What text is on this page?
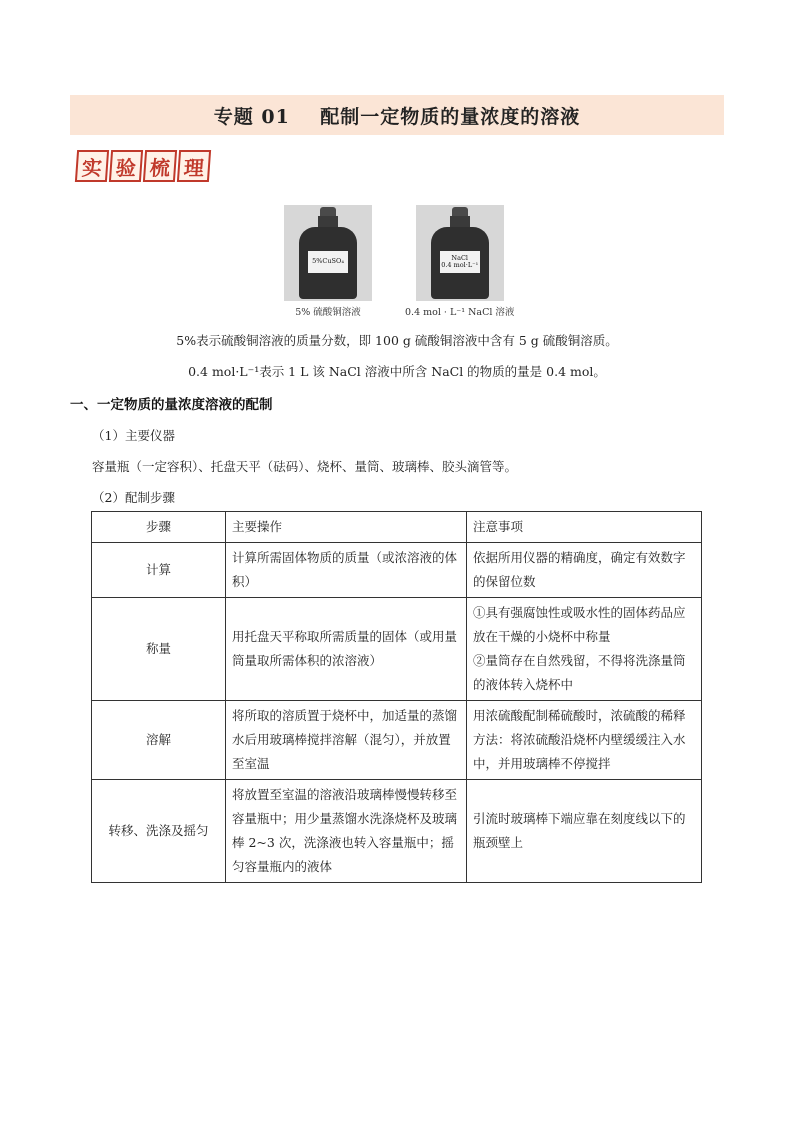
专题 01    配制一定物质的量浓度的溶液
实 验 梳 理
5%CuSO₄
5% 硫酸铜溶液
NaCl
0.4 mol·L⁻¹
0.4 mol · L⁻¹ NaCl 溶液
5%表示硫酸铜溶液的质量分数，即 100 g 硫酸铜溶液中含有 5 g 硫酸铜溶质。
0.4 mol·L⁻¹表示 1 L 该 NaCl 溶液中所含 NaCl 的物质的量是 0.4 mol。
一、一定物质的量浓度溶液的配制
（1）主要仪器
容量瓶（一定容积）、托盘天平（砝码）、烧杯、量筒、玻璃棒、胶头滴管等。
（2）配制步骤
步骤	主要操作	注意事项
计算	计算所需固体物质的质量（或浓溶液的体积）	依据所用仪器的精确度，确定有效数字的保留位数

称量	用托盘天平称取所需质量的固体（或用量筒量取所需体积的浓溶液）	①具有强腐蚀性或吸水性的固体药品应放在干燥的小烧杯中称量
②量筒存在自然残留，不得将洗涤量筒的液体转入烧杯中

溶解	将所取的溶质置于烧杯中，加适量的蒸馏水后用玻璃棒搅拌溶解（混匀），并放置至室温	用浓硫酸配制稀硫酸时，浓硫酸的稀释方法：将浓硫酸沿烧杯内壁缓缓注入水中，并用玻璃棒不停搅拌

转移、洗涤及摇匀	将放置至室温的溶液沿玻璃棒慢慢转移至容量瓶中；用少量蒸馏水洗涤烧杯及玻璃棒 2~3 次，洗涤液也转入容量瓶中；摇匀容量瓶内的液体	引流时玻璃棒下端应靠在刻度线以下的瓶颈壁上
